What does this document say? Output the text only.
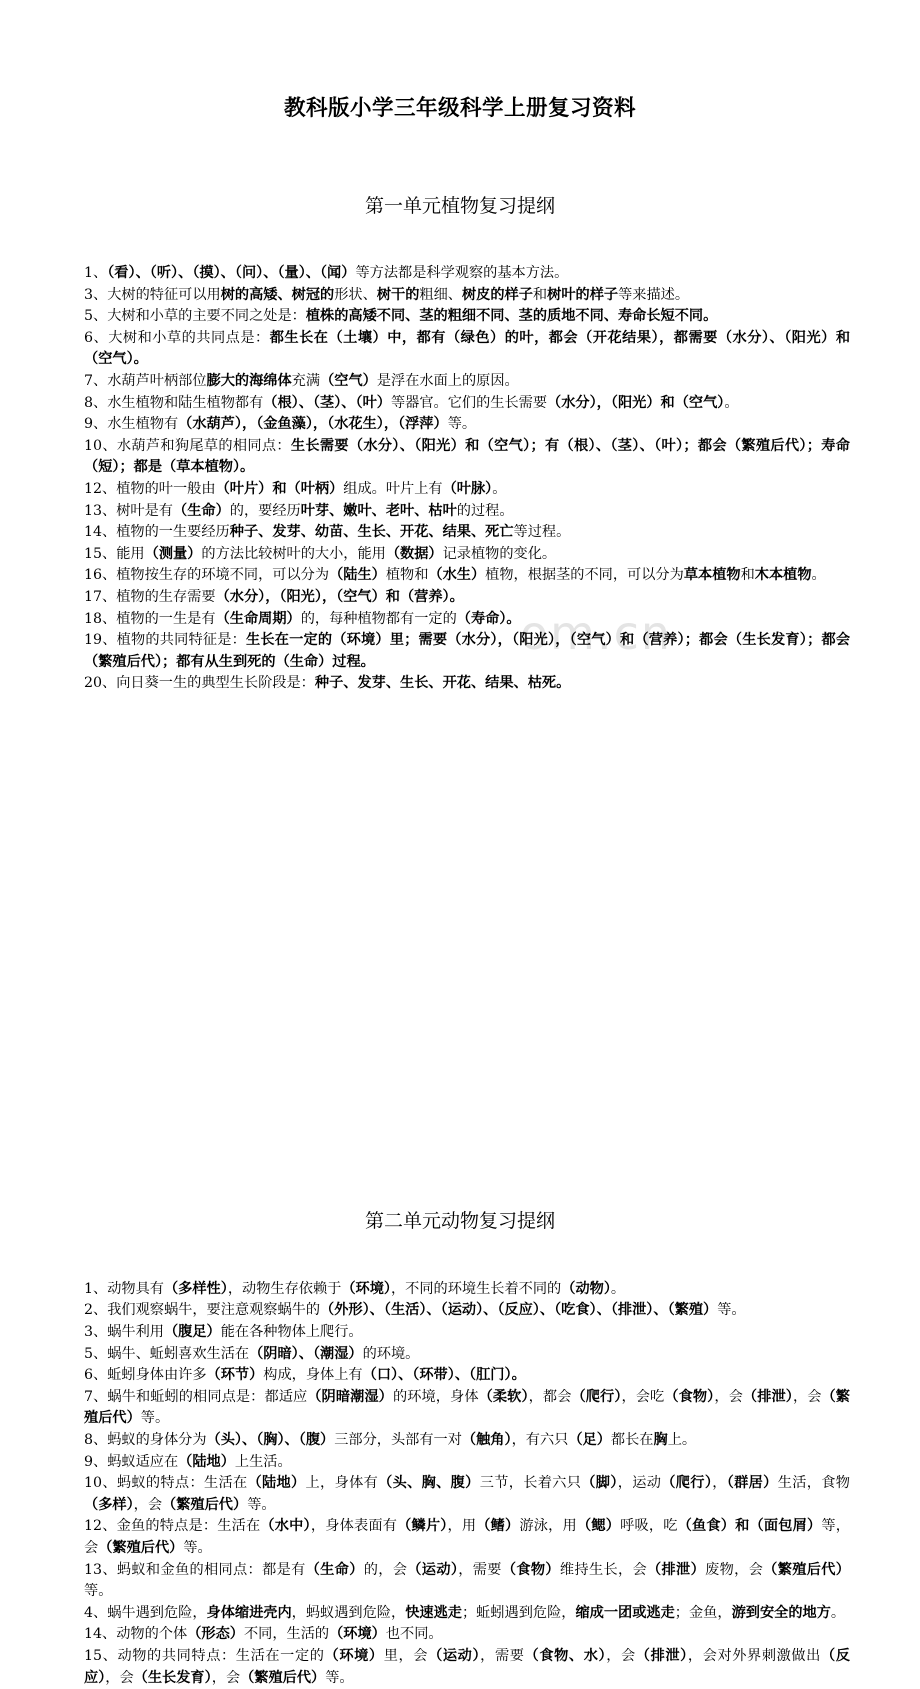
om.cn
教科版小学三年级科学上册复习资料
第一单元植物复习提纲
1、（看）、（听）、（摸）、（问）、（量）、（闻）等方法都是科学观察的基本方法。
3、大树的特征可以用树的高矮、树冠的形状、树干的粗细、树皮的样子和树叶的样子等来描述。
5、大树和小草的主要不同之处是：植株的高矮不同、茎的粗细不同、茎的质地不同、寿命长短不同。
6、大树和小草的共同点是：都生长在（土壤）中，都有（绿色）的叶，都会（开花结果），都需要（水分）、（阳光）和（空气）。
7、水葫芦叶柄部位膨大的海绵体充满（空气）是浮在水面上的原因。
8、水生植物和陆生植物都有（根）、（茎）、（叶）等器官。它们的生长需要（水分），（阳光）和（空气）。
9、水生植物有（水葫芦），（金鱼藻），（水花生），（浮萍）等。
10、水葫芦和狗尾草的相同点：生长需要（水分）、（阳光）和（空气）；有（根）、（茎）、（叶）；都会（繁殖后代）；寿命（短）；都是（草本植物）。
12、植物的叶一般由（叶片）和（叶柄）组成。叶片上有（叶脉）。
13、树叶是有（生命）的，要经历叶芽、嫩叶、老叶、枯叶的过程。
14、植物的一生要经历种子、发芽、幼苗、生长、开花、结果、死亡等过程。
15、能用（测量）的方法比较树叶的大小，能用（数据）记录植物的变化。
16、植物按生存的环境不同，可以分为（陆生）植物和（水生）植物，根据茎的不同，可以分为草本植物和木本植物。
17、植物的生存需要（水分），（阳光），（空气）和（营养）。
18、植物的一生是有（生命周期）的，每种植物都有一定的（寿命）。
19、植物的共同特征是：生长在一定的（环境）里；需要（水分），（阳光），（空气）和（营养）；都会（生长发育）；都会（繁殖后代）；都有从生到死的（生命）过程。
20、向日葵一生的典型生长阶段是：种子、发芽、生长、开花、结果、枯死。
第二单元动物复习提纲
1、动物具有（多样性），动物生存依赖于（环境），不同的环境生长着不同的（动物）。
2、我们观察蜗牛，要注意观察蜗牛的（外形）、（生活）、（运动）、（反应）、（吃食）、（排泄）、（繁殖）等。
3、蜗牛利用（腹足）能在各种物体上爬行。
5、蜗牛、蚯蚓喜欢生活在（阴暗）、（潮湿）的环境。
6、蚯蚓身体由许多（环节）构成，身体上有（口）、（环带）、（肛门）。
7、蜗牛和蚯蚓的相同点是：都适应（阴暗潮湿）的环境，身体（柔软），都会（爬行），会吃（食物），会（排泄），会（繁殖后代）等。
8、蚂蚁的身体分为（头）、（胸）、（腹）三部分，头部有一对（触角），有六只（足）都长在胸上。
9、蚂蚁适应在（陆地）上生活。
10、蚂蚁的特点：生活在（陆地）上，身体有（头、胸、腹）三节，长着六只（脚），运动（爬行），（群居）生活，食物（多样），会（繁殖后代）等。
12、金鱼的特点是：生活在（水中），身体表面有（鳞片），用（鳍）游泳，用（鳃）呼吸，吃（鱼食）和（面包屑）等，会（繁殖后代）等。
13、蚂蚁和金鱼的相同点：都是有（生命）的，会（运动），需要（食物）维持生长，会（排泄）废物，会（繁殖后代）等。
4、蜗牛遇到危险，身体缩进壳内，蚂蚁遇到危险，快速逃走；蚯蚓遇到危险，缩成一团或逃走；金鱼，游到安全的地方。
14、动物的个体（形态）不同，生活的（环境）也不同。
15、动物的共同特点：生活在一定的（环境）里，会（运动），需要（食物、水），会（排泄），会对外界刺激做出（反应），会（生长发育），会（繁殖后代）等。
